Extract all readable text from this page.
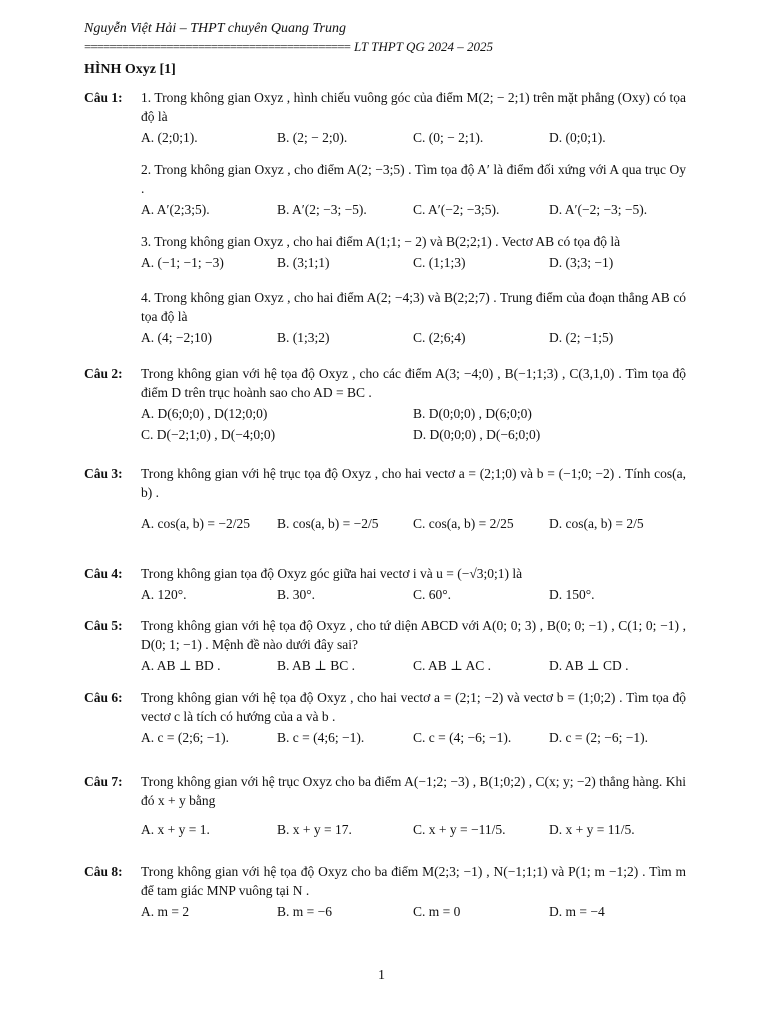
Nguyễn Việt Hải – THPT chuyên Quang Trung
========================================== LT THPT QG 2024 – 2025
HÌNH Oxyz [1]
Câu 1: 1. Trong không gian Oxyz , hình chiếu vuông góc của điểm M(2; − 2;1) trên mặt phẳng (Oxy) có tọa độ là
A. (2;0;1).	B. (2; − 2;0).	C. (0; − 2;1).	D. (0;0;1).
2. Trong không gian Oxyz , cho điểm A(2; −3;5) . Tìm tọa độ A′ là điểm đối xứng với A qua trục Oy .
A. A′(2;3;5).	B. A′(2; −3; −5).	C. A′(−2; −3;5).	D. A′(−2; −3; −5).
3. Trong không gian Oxyz , cho hai điểm A(1;1; − 2) và B(2;2;1) . Vectơ AB có tọa độ là
A. (−1; −1; −3)	B. (3;1;1)	C. (1;1;3)	D. (3;3; −1)
4. Trong không gian Oxyz , cho hai điểm A(2; −4;3) và B(2;2;7) . Trung điểm của đoạn thẳng AB có tọa độ là
A. (4; −2;10)	B. (1;3;2)	C. (2;6;4)	D. (2; −1;5)
Câu 2: Trong không gian với hệ tọa độ Oxyz , cho các điểm A(3; −4;0) , B(−1;1;3) , C(3,1,0) . Tìm tọa độ điểm D trên trục hoành sao cho AD = BC .
A. D(6;0;0) , D(12;0;0)	B. D(0;0;0) , D(6;0;0)
C. D(−2;1;0) , D(−4;0;0)	D. D(0;0;0) , D(−6;0;0)
Câu 3: Trong không gian với hệ trục tọa độ Oxyz , cho hai vectơ a = (2;1;0) và b = (−1;0; −2) . Tính cos(a, b) .
A. cos(a, b) = −2/25	B. cos(a, b) = −2/5	C. cos(a, b) = 2/25	D. cos(a, b) = 2/5
Câu 4: Trong không gian tọa độ Oxyz góc giữa hai vectơ i và u = (−√3;0;1) là
A. 120°.	B. 30°.	C. 60°.	D. 150°.
Câu 5: Trong không gian với hệ tọa độ Oxyz , cho tứ diện ABCD với A(0; 0; 3) , B(0; 0; −1) , C(1; 0; −1) , D(0; 1; −1) . Mệnh đề nào dưới đây sai?
A. AB ⊥ BD .	B. AB ⊥ BC .	C. AB ⊥ AC .	D. AB ⊥ CD .
Câu 6: Trong không gian với hệ tọa độ Oxyz , cho hai vectơ a = (2;1; −2) và vectơ b = (1;0;2) . Tìm tọa độ vectơ c là tích có hướng của a và b .
A. c = (2;6; −1).	B. c = (4;6; −1).	C. c = (4; −6; −1).	D. c = (2; −6; −1).
Câu 7: Trong không gian với hệ trục Oxyz cho ba điểm A(−1;2; −3) , B(1;0;2) , C(x; y; −2) thẳng hàng. Khi đó x + y bằng
A. x + y = 1.	B. x + y = 17.	C. x + y = −11/5.	D. x + y = 11/5.
Câu 8: Trong không gian với hệ tọa độ Oxyz cho ba điểm M(2;3; −1) , N(−1;1;1) và P(1; m −1;2) . Tìm m để tam giác MNP vuông tại N .
A. m = 2	B. m = −6	C. m = 0	D. m = −4
1
